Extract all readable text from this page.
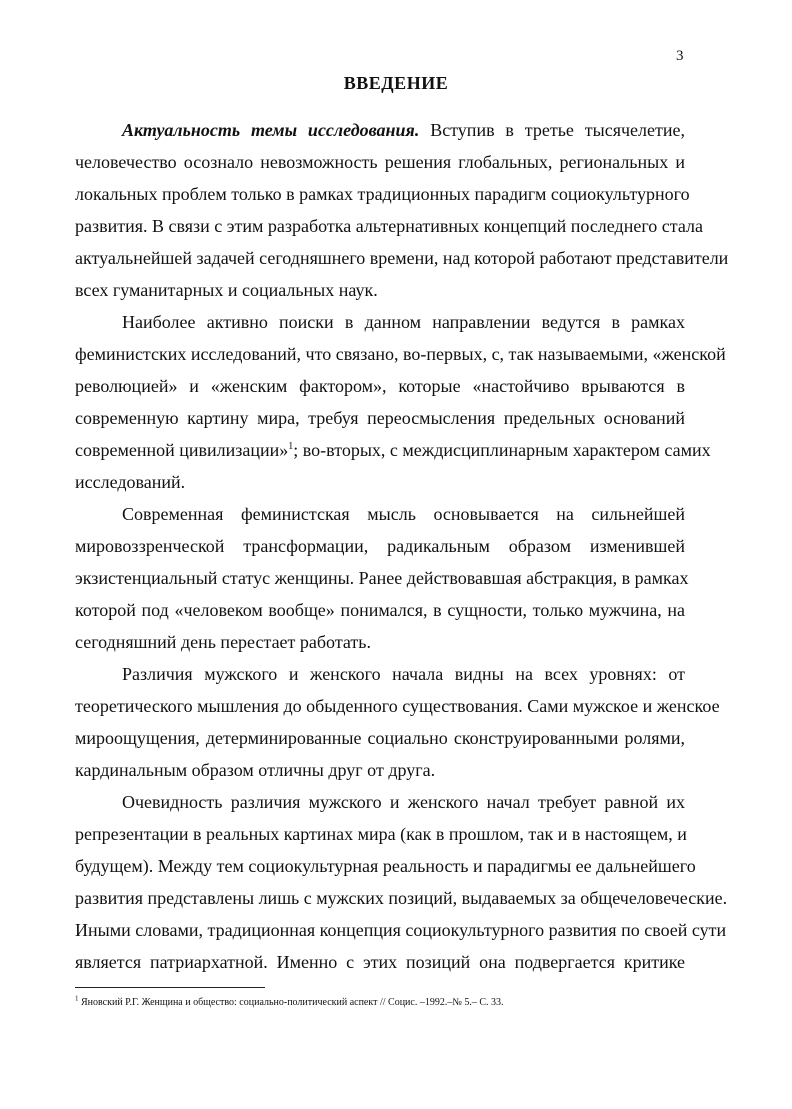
3
ВВЕДЕНИЕ
Актуальность темы исследования. Вступив в третье тысячелетие,
человечество осознало невозможность решения глобальных, региональных и
локальных проблем только в рамках традиционных парадигм социокультурного
развития. В связи с этим разработка альтернативных концепций последнего стала
актуальнейшей задачей сегодняшнего времени, над которой работают представители
всех гуманитарных и социальных наук.
Наиболее активно поиски в данном направлении ведутся в рамках
феминистских исследований, что связано, во-первых, с, так называемыми, «женской
революцией» и «женским фактором», которые «настойчиво врываются в
современную картину мира, требуя переосмысления предельных оснований
современной цивилизации»$^1$; во-вторых, с междисциплинарным характером самих
исследований.
Современная феминистская мысль основывается на сильнейшей
мировоззренческой трансформации, радикальным образом изменившей
экзистенциальный статус женщины. Ранее действовавшая абстракция, в рамках
которой под «человеком вообще» понимался, в сущности, только мужчина, на
сегодняшний день перестает работать.
Различия мужского и женского начала видны на всех уровнях: от
теоретического мышления до обыденного существования. Сами мужское и женское
мироощущения, детерминированные социально сконструированными ролями,
кардинальным образом отличны друг от друга.
Очевидность различия мужского и женского начал требует равной их
репрезентации в реальных картинах мира (как в прошлом, так и в настоящем, и
будущем). Между тем социокультурная реальность и парадигмы ее дальнейшего
развития представлены лишь с мужских позиций, выдаваемых за общечеловеческие.
Иными словами, традиционная концепция социокультурного развития по своей сути
является патриархатной. Именно с этих позиций она подвергается критике
$^1$ Яновский Р.Г. Женщина и общество: социально-политический аспект // Социс. –1992.–№ 5.– С. 33.
